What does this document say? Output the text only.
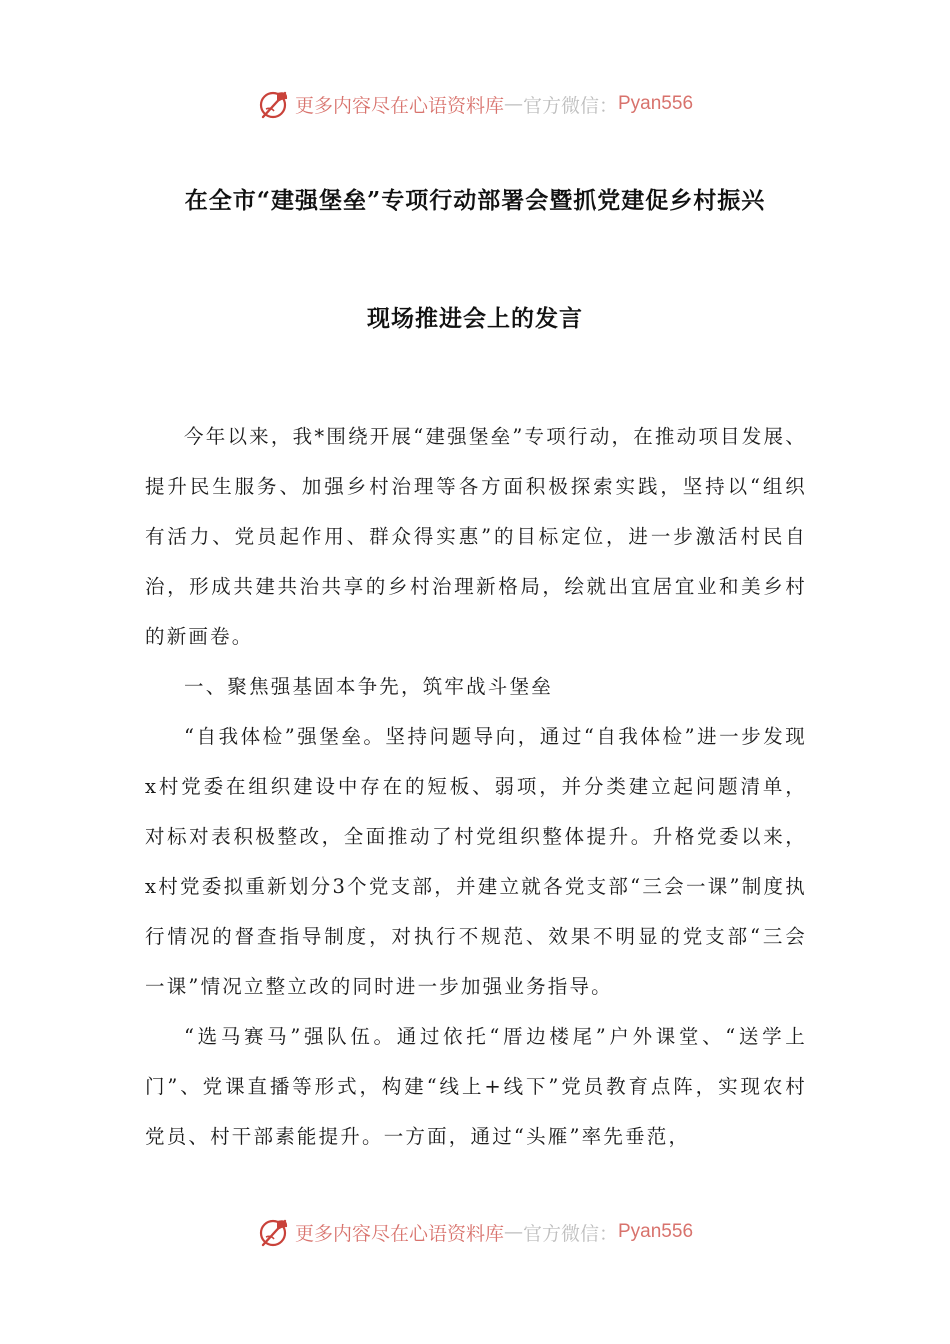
更多内容尽在心语资料库 — 官方微信： Pyan556
在全市“建强堡垒”专项行动部署会暨抓党建促乡村振兴
现场推进会上的发言

今年以来，我*围绕开展“建强堡垒”专项行动，在推动项目发展、提升民生服务、加强乡村治理等各方面积极探索实践，坚持以“组织有活力、党员起作用、群众得实惠”的目标定位，进一步激活村民自治，形成共建共治共享的乡村治理新格局，绘就出宜居宜业和美乡村的新画卷。

一、聚焦强基固本争先，筑牢战斗堡垒

“自我体检”强堡垒。坚持问题导向，通过“自我体检”进一步发现x村党委在组织建设中存在的短板、弱项，并分类建立起问题清单，对标对表积极整改，全面推动了村党组织整体提升。升格党委以来，x村党委拟重新划分3个党支部，并建立就各党支部“三会一课”制度执行情况的督查指导制度，对执行不规范、效果不明显的党支部“三会一课”情况立整立改的同时进一步加强业务指导。

“选马赛马”强队伍。通过依托“厝边楼尾”户外课堂、“送学上门”、党课直播等形式，构建“线上+线下”党员教育点阵，实现农村党员、村干部素能提升。一方面，通过“头雁”率先垂范，

更多内容尽在心语资料库 — 官方微信： Pyan556
